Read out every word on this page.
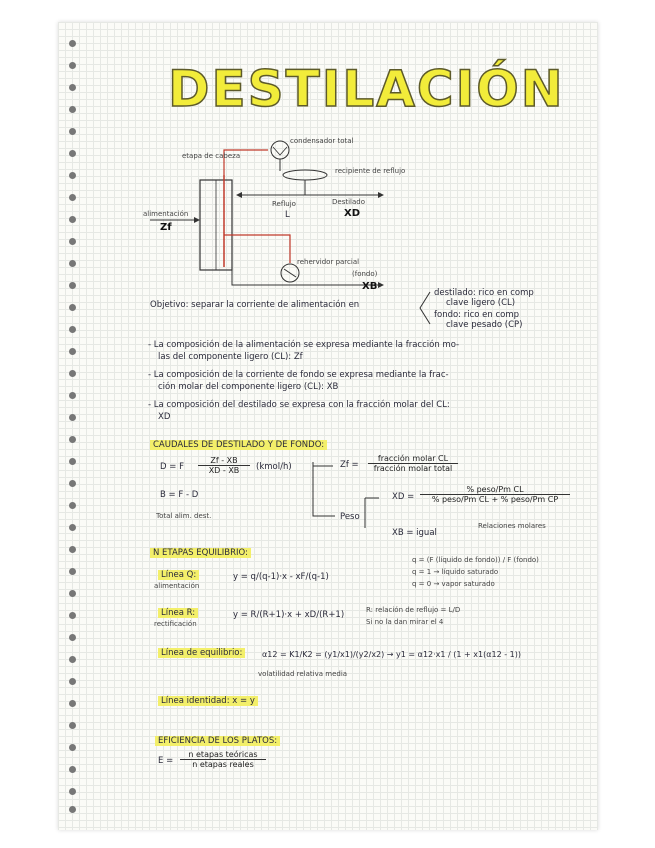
DESTILACIÓN
etapa de cabeza
condensador total
recipiente de reflujo
Reflujo
L
Destilado
XD
alimentación
Zf
rehervidor parcial
(fondo)
XB
Objetivo: separar la corriente de alimentación en
destilado: rico en comp
clave ligero (CL)
fondo: rico en comp
clave pesado (CP)
- La composición de la alimentación se expresa mediante la fracción mo-
las del componente ligero (CL): Zf
- La composición de la corriente de fondo se expresa mediante la frac-
ción molar del componente ligero (CL): XB
- La composición del destilado se expresa con la fracción molar del CL:
XD
CAUDALES DE DESTILADO Y DE FONDO:
D = F $\frac{Zf - XB}{XD - XB}$ (kmol/h)
B = F - D
Total alim. dest.
Zf =
fracción molar CL
fracción molar total
XD =
% peso/Pm CL
% peso/Pm CL + % peso/Pm CP
Peso
XB = igual
Relaciones molares
N ETAPAS EQUILIBRIO:
Línea Q:
alimentación
y = q/(q-1)·x - xF/(q-1)
q = (F (líquido de fondo)) / F (fondo)
q = 1 → líquido saturado
q = 0 → vapor saturado
Línea R:
rectificación
y = R/(R+1)·x + xD/(R+1)	R: relación de reflujo = L/D
Si no la dan mirar el 4
Línea de equilibrio:	α12 = K1/K2 = (y1/x1)/(y2/x2) → y1 = α12·x1 / (1 + x1(α12 - 1))
volatilidad relativa media
Línea identidad: x = y
EFICIENCIA DE LOS PLATOS:
E =
n etapas teóricas
n etapas reales
